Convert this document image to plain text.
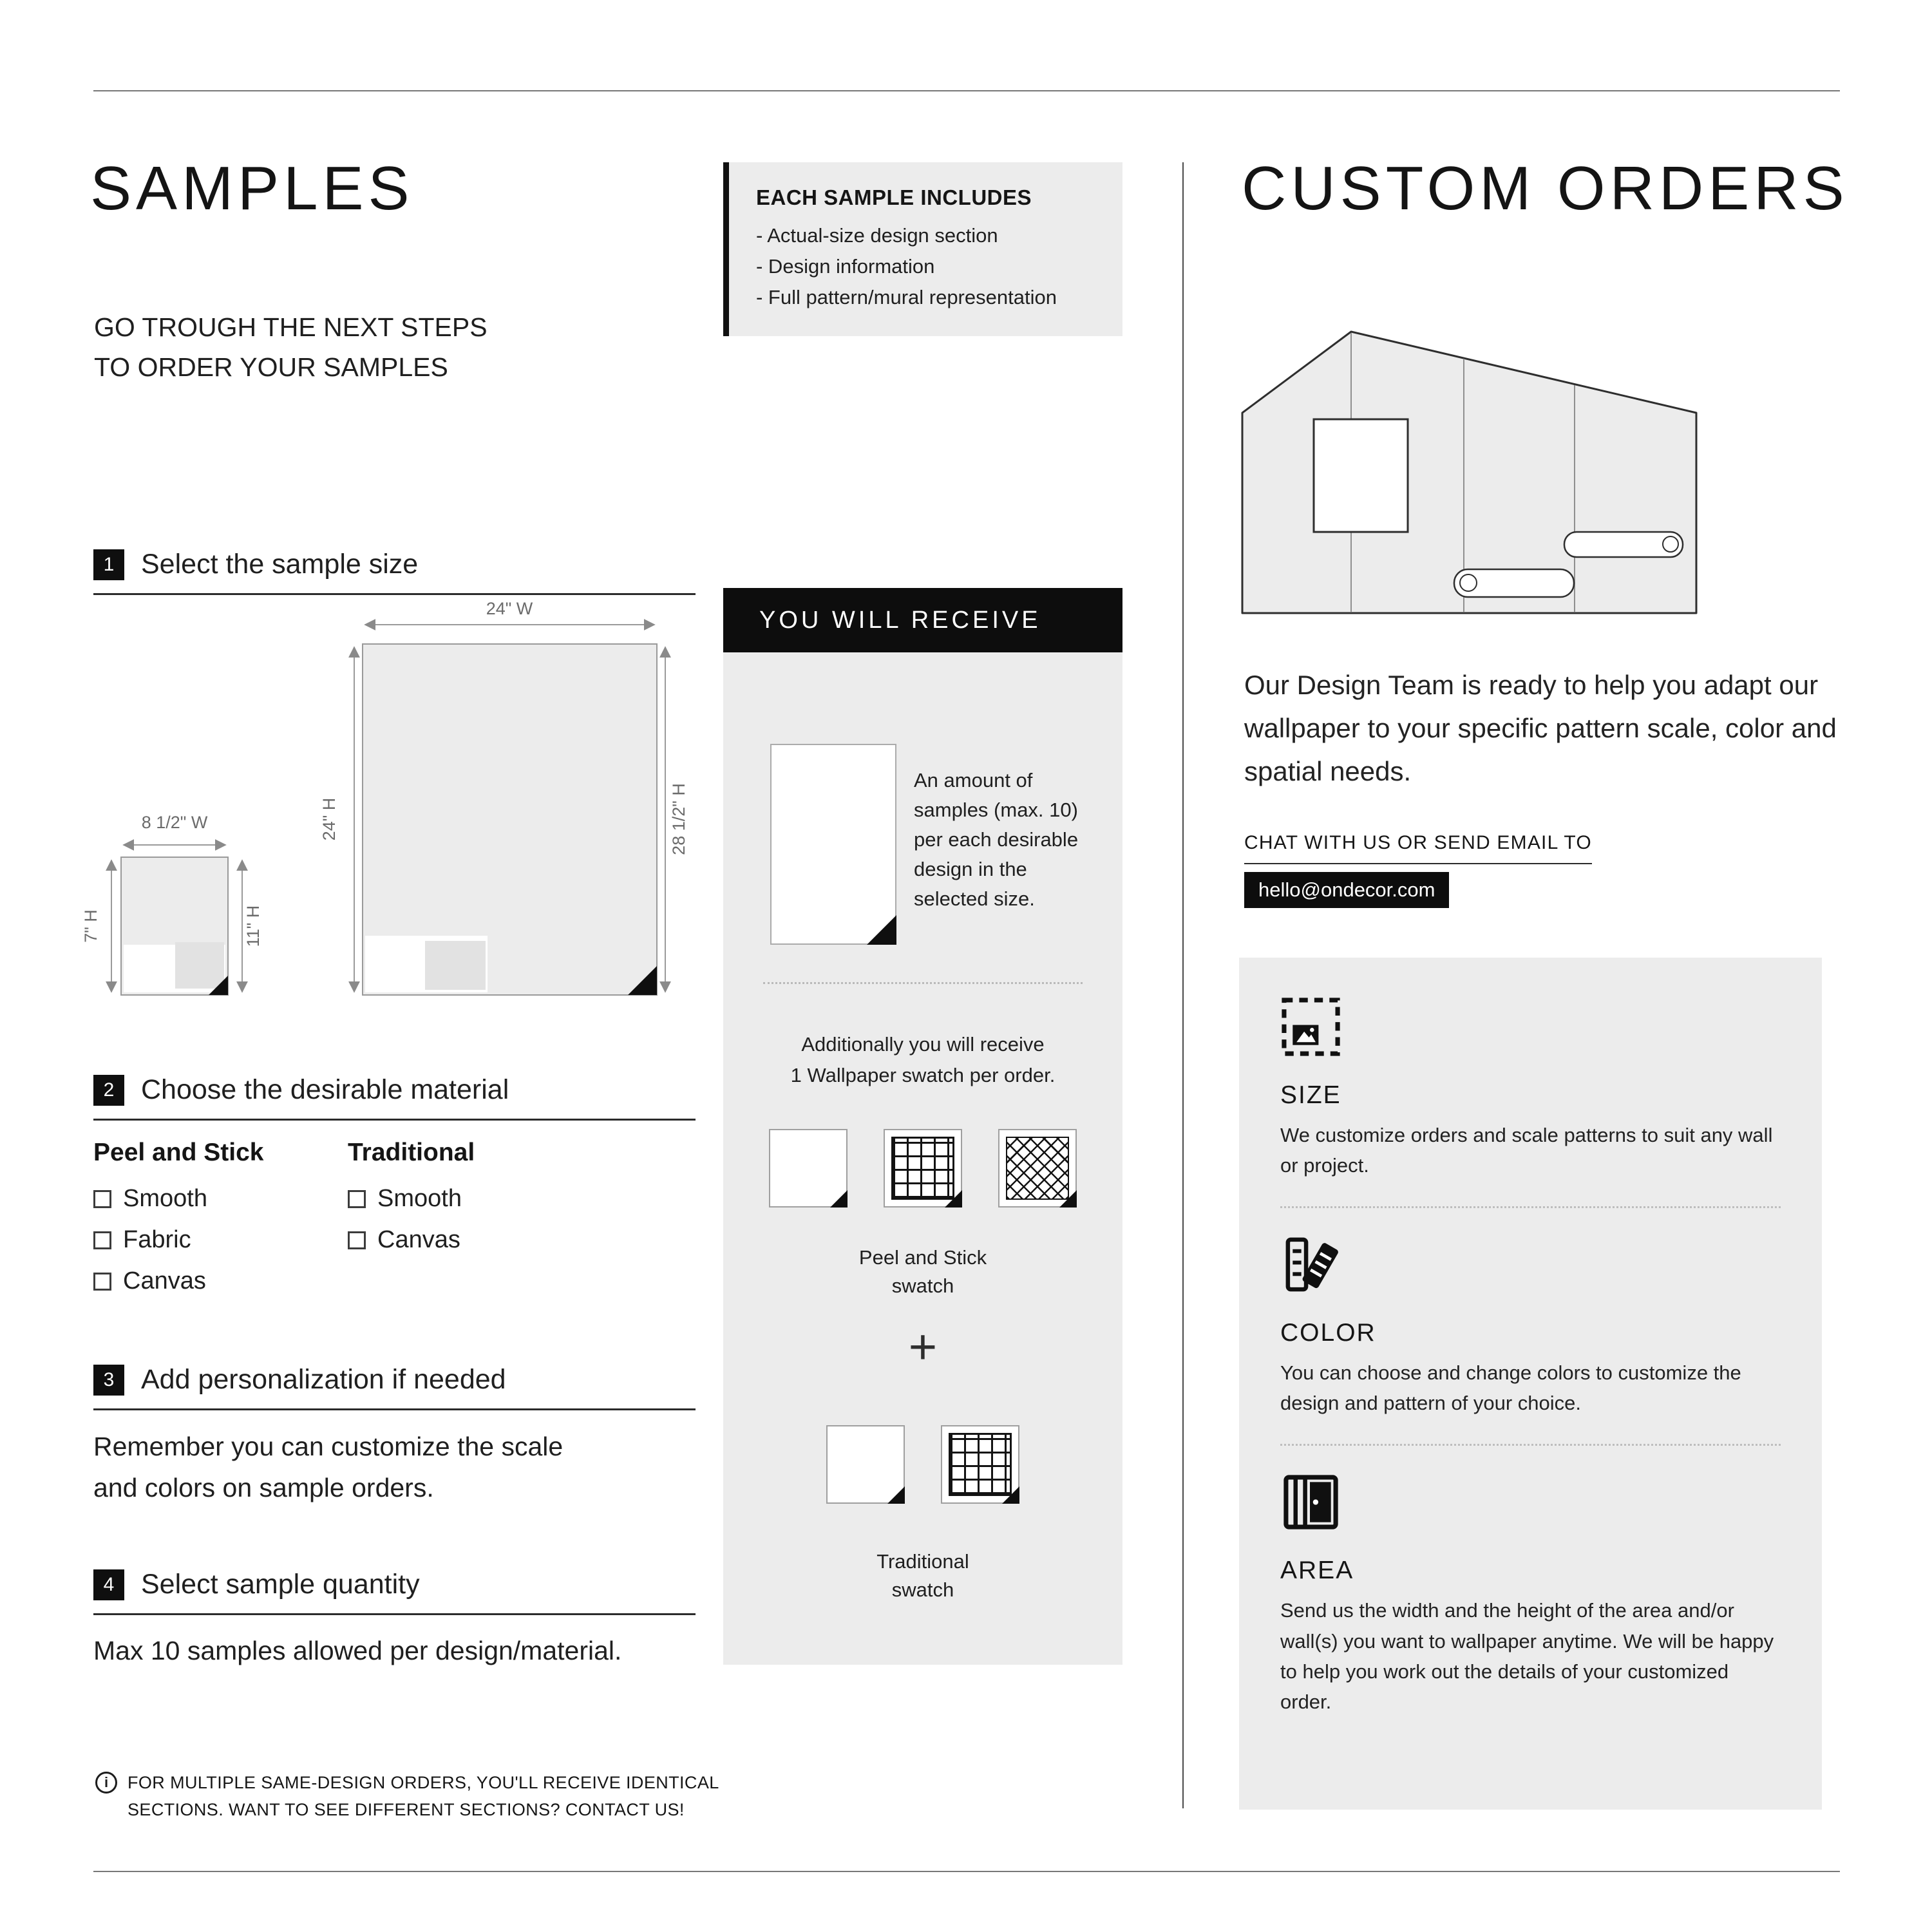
SAMPLES
GO TROUGH THE NEXT STEPS
TO ORDER YOUR SAMPLES
EACH SAMPLE INCLUDES
- Actual-size design section
- Design information
- Full pattern/mural representation
1 Select the sample size
24" W
24" H	28 1/2" H
8 1/2" W
7" H	11" H
2 Choose the desirable material
Peel and Stick
Smooth
Fabric
Canvas
Traditional
Smooth
Canvas
3 Add personalization if needed
Remember you can customize the scale
and colors on sample orders.
4 Select sample quantity
Max 10 samples allowed per design/material.
i
FOR MULTIPLE SAME-DESIGN ORDERS, YOU'LL RECEIVE IDENTICAL
SECTIONS. WANT TO SEE DIFFERENT SECTIONS? CONTACT US!
YOU WILL RECEIVE
An amount of samples (max. 10) per each desirable design in the selected size.
Additionally you will receive
1 Wallpaper swatch per order.
Peel and Stick
swatch
+
Traditional
swatch
CUSTOM ORDERS

Our Design Team is ready to help you adapt our wallpaper to your specific pattern scale, color and spatial needs.

CHAT WITH US OR SEND EMAIL TO
hello@ondecor.com
SIZE

We customize orders and scale patterns to suit any wall or project.

COLOR

You can choose and change colors to customize the design and pattern of your choice.

AREA

Send us the width and the height of the area and/or wall(s) you want to wallpaper anytime. We will be happy to help you work out the details of your customized order.
